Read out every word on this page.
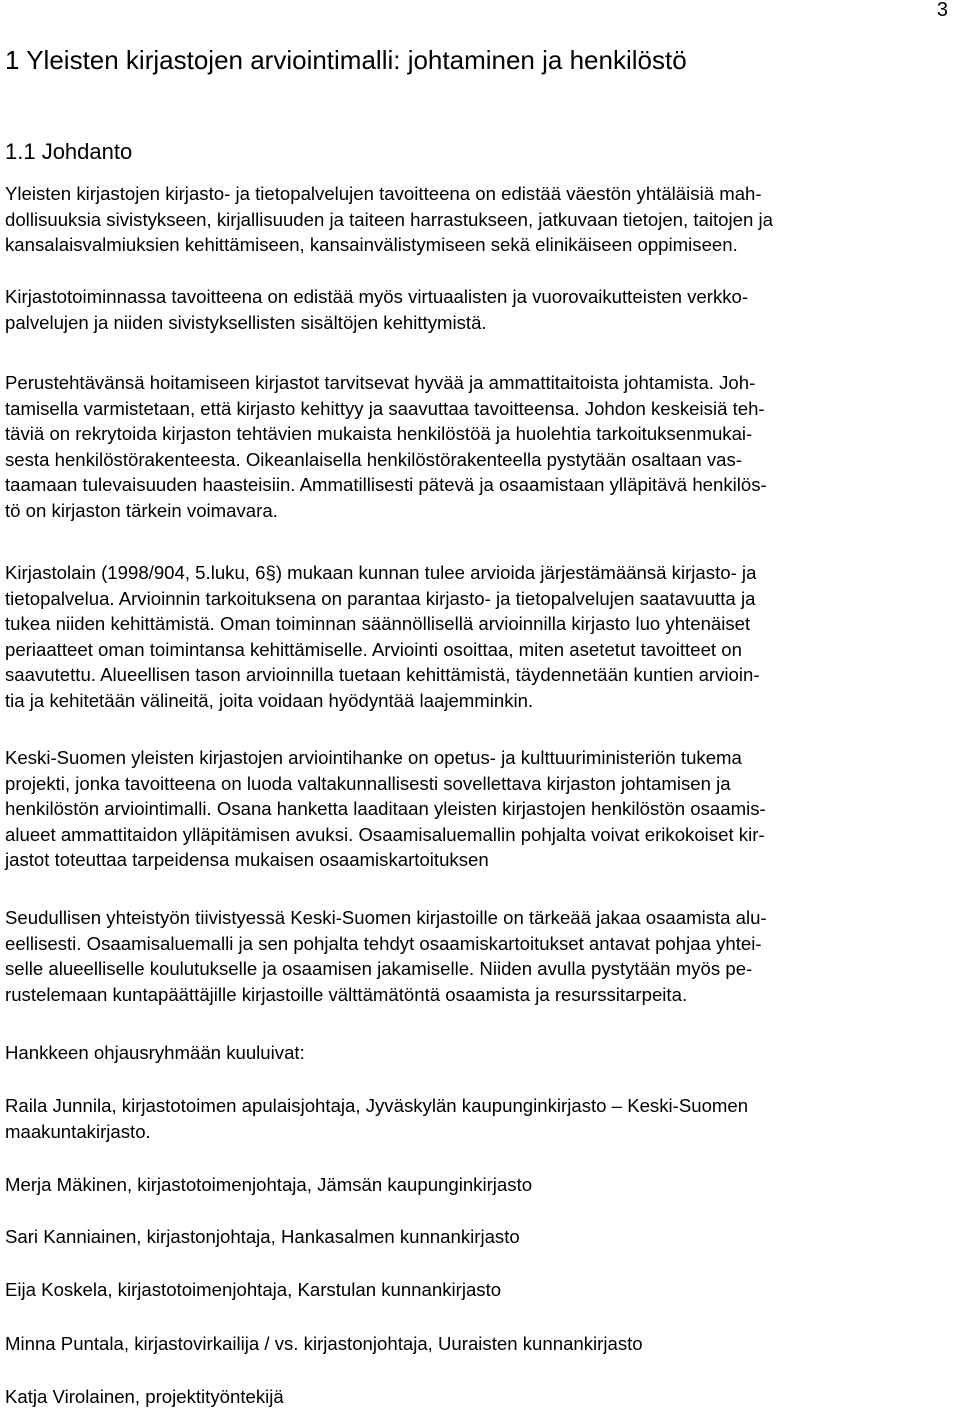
3
1 Yleisten kirjastojen arviointimalli: johtaminen ja henkilöstö
1.1 Johdanto
Yleisten kirjastojen kirjasto- ja tietopalvelujen tavoitteena on edistää väestön yhtäläisiä mah-
dollisuuksia sivistykseen, kirjallisuuden ja taiteen harrastukseen, jatkuvaan tietojen, taitojen ja
kansalaisvalmiuksien kehittämiseen, kansainvälistymiseen sekä elinikäiseen oppimiseen.
Kirjastotoiminnassa tavoitteena on edistää myös virtuaalisten ja vuorovaikutteisten verkko-
palvelujen ja niiden sivistyksellisten sisältöjen kehittymistä.
Perustehtävänsä hoitamiseen kirjastot tarvitsevat hyvää ja ammattitaitoista johtamista. Joh-
tamisella varmistetaan, että kirjasto kehittyy ja saavuttaa tavoitteensa. Johdon keskeisiä teh-
täviä on rekrytoida kirjaston tehtävien mukaista henkilöstöä ja huolehtia tarkoituksenmukai-
sesta henkilöstörakenteesta. Oikeanlaisella henkilöstörakenteella pystytään osaltaan vas-
taamaan tulevaisuuden haasteisiin. Ammatillisesti pätevä ja osaamistaan ylläpitävä henkilös-
tö on kirjaston tärkein voimavara.
Kirjastolain (1998/904, 5.luku, 6§) mukaan kunnan tulee arvioida järjestämäänsä kirjasto- ja
tietopalvelua. Arvioinnin tarkoituksena on parantaa kirjasto- ja tietopalvelujen saatavuutta ja
tukea niiden kehittämistä. Oman toiminnan säännöllisellä arvioinnilla kirjasto luo yhtenäiset
periaatteet oman toimintansa kehittämiselle. Arviointi osoittaa, miten asetetut tavoitteet on
saavutettu. Alueellisen tason arvioinnilla tuetaan kehittämistä, täydennetään kuntien arvioin-
tia ja kehitetään välineitä, joita voidaan hyödyntää laajemminkin.
Keski-Suomen yleisten kirjastojen arviointihanke on opetus- ja kulttuuriministeriön tukema
projekti, jonka tavoitteena on luoda valtakunnallisesti sovellettava kirjaston johtamisen ja
henkilöstön arviointimalli. Osana hanketta laaditaan yleisten kirjastojen henkilöstön osaamis-
alueet ammattitaidon ylläpitämisen avuksi. Osaamisaluemallin pohjalta voivat erikokoiset kir-
jastot toteuttaa tarpeidensa mukaisen osaamiskartoituksen
Seudullisen yhteistyön tiivistyessä Keski-Suomen kirjastoille on tärkeää jakaa osaamista alu-
eellisesti. Osaamisaluemalli ja sen pohjalta tehdyt osaamiskartoitukset antavat pohjaa yhtei-
selle alueelliselle koulutukselle ja osaamisen jakamiselle. Niiden avulla pystytään myös pe-
rustelemaan kuntapäättäjille kirjastoille välttämätöntä osaamista ja resurssitarpeita.
Hankkeen ohjausryhmään kuuluivat:
Raila Junnila, kirjastotoimen apulaisjohtaja, Jyväskylän kaupunginkirjasto – Keski-Suomen
maakuntakirjasto.
Merja Mäkinen, kirjastotoimenjohtaja, Jämsän kaupunginkirjasto
Sari Kanniainen, kirjastonjohtaja, Hankasalmen kunnankirjasto
Eija Koskela, kirjastotoimenjohtaja, Karstulan kunnankirjasto
Minna Puntala, kirjastovirkailija / vs. kirjastonjohtaja, Uuraisten kunnankirjasto
Katja Virolainen, projektityöntekijä
